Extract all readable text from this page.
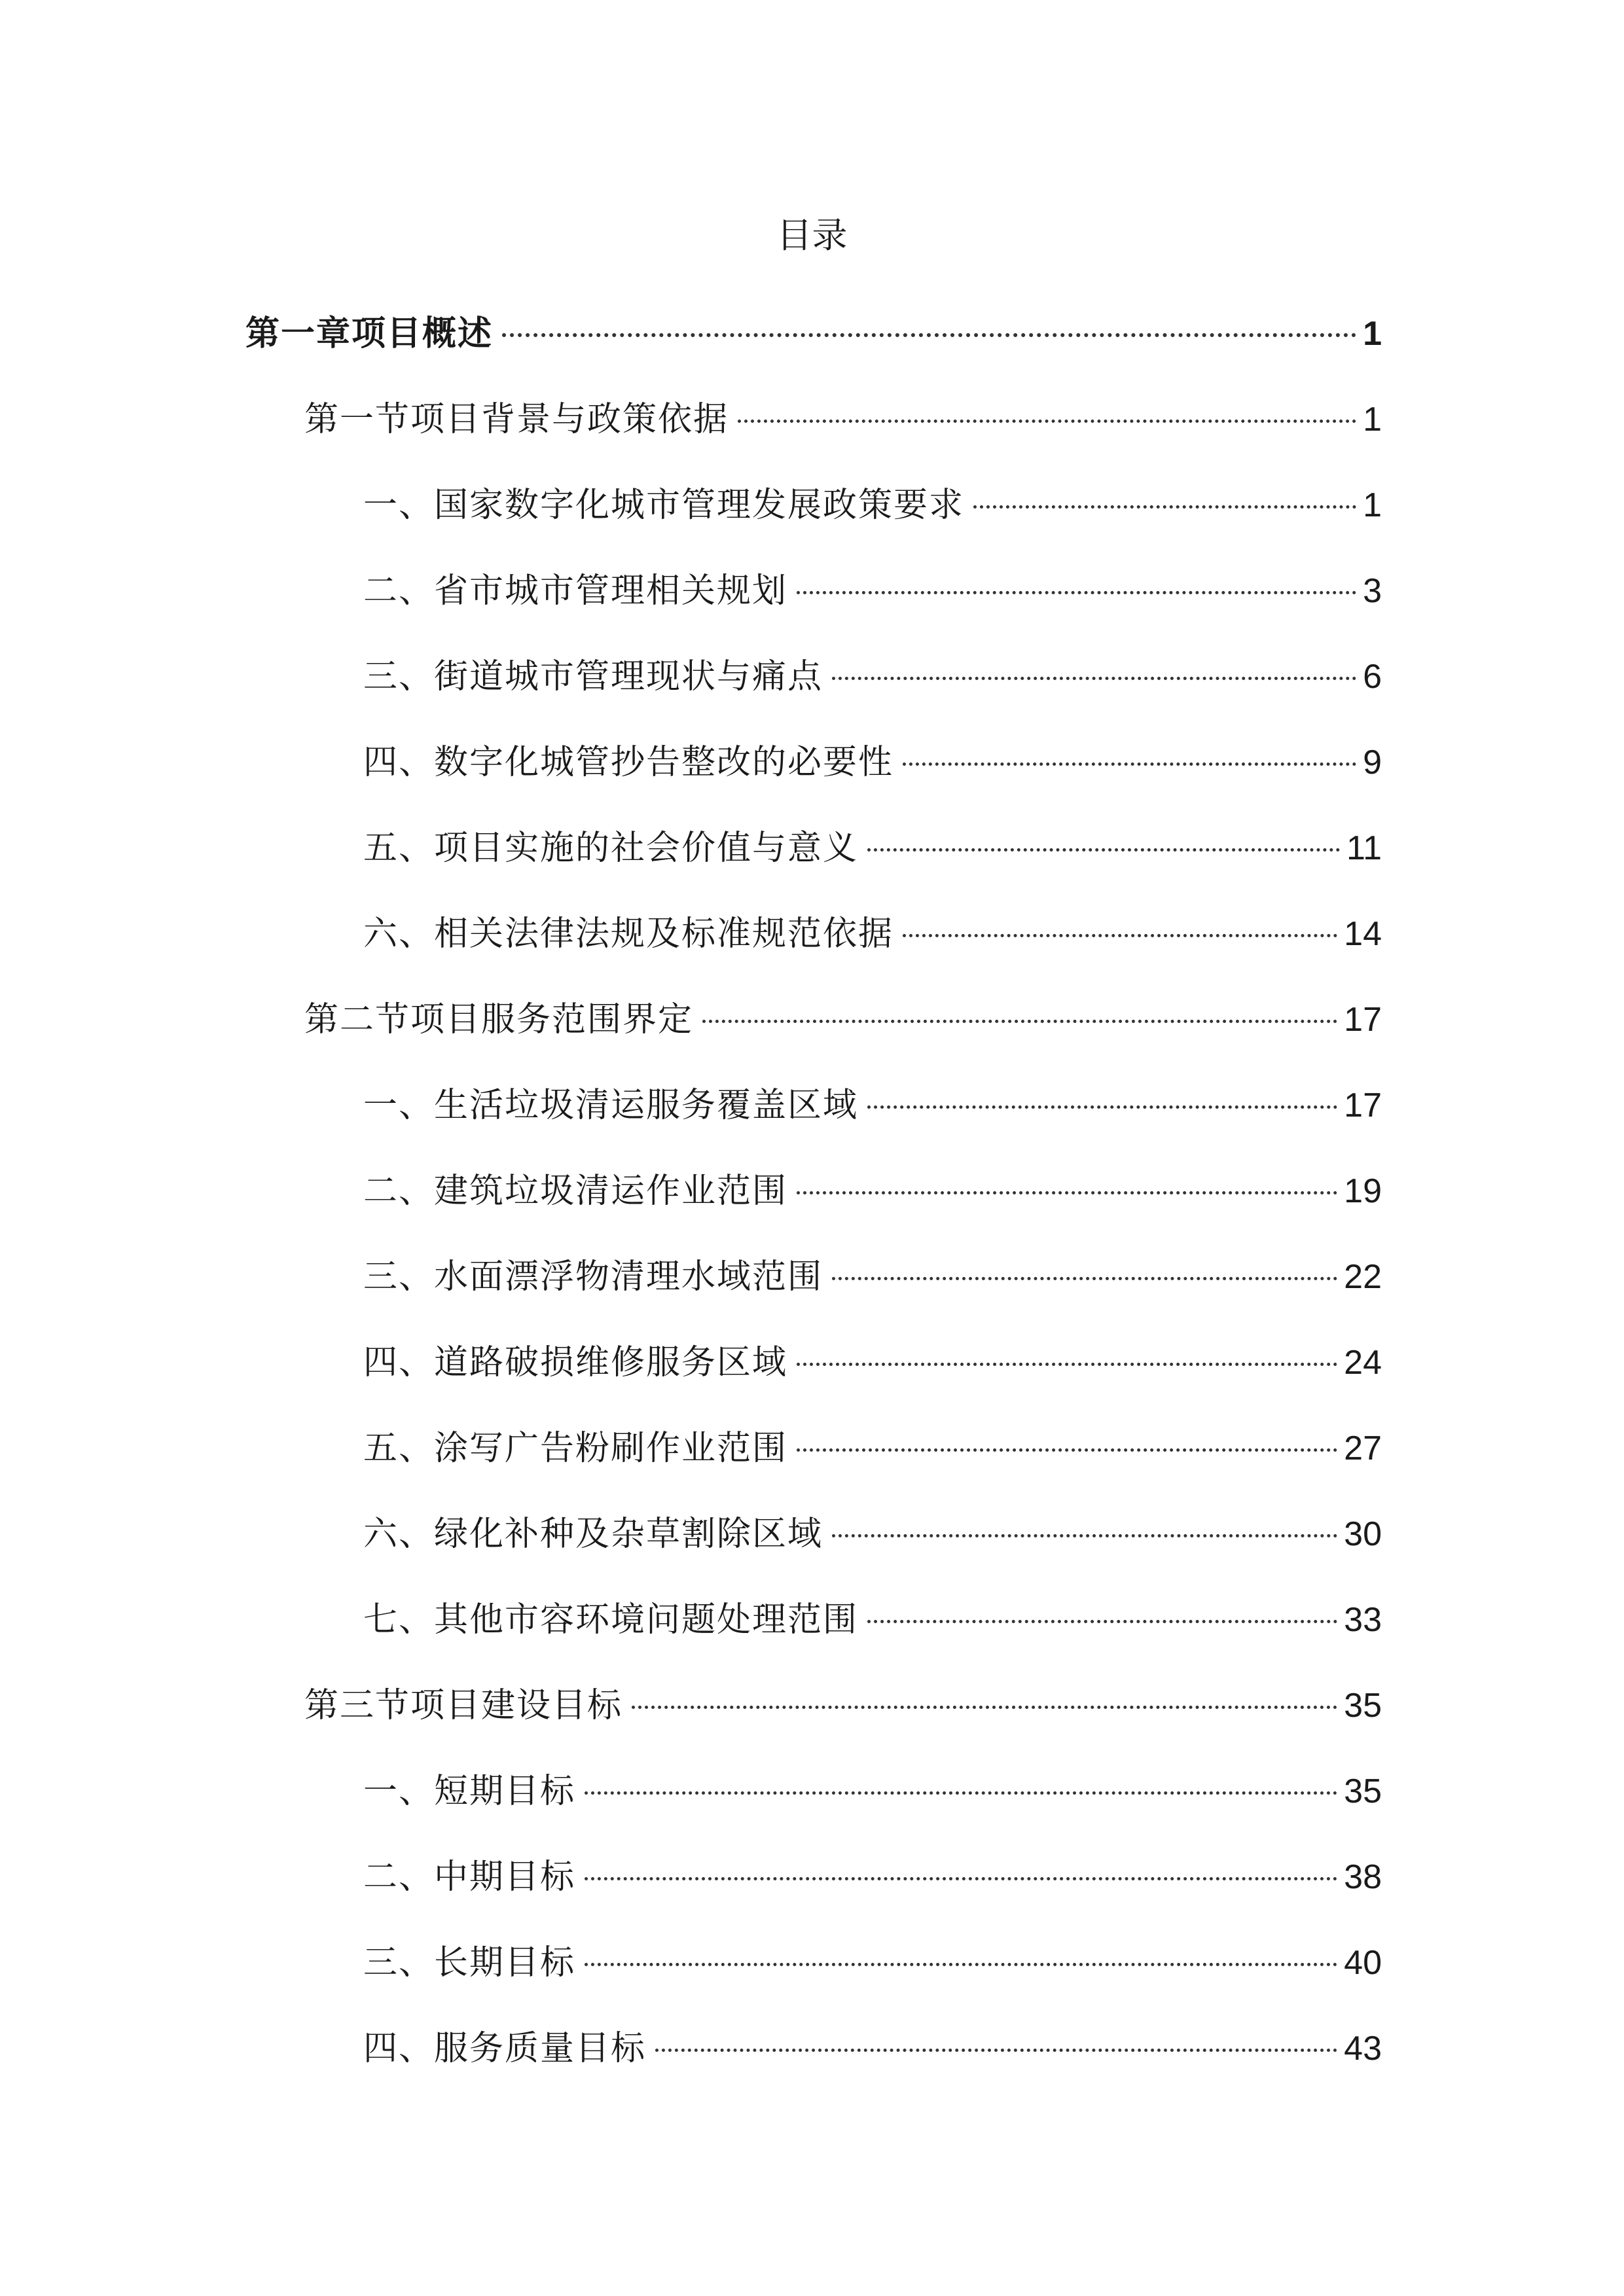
目录
第一章项目概述	1
第一节项目背景与政策依据	1
一、国家数字化城市管理发展政策要求	1
二、省市城市管理相关规划	3
三、街道城市管理现状与痛点	6
四、数字化城管抄告整改的必要性	9
五、项目实施的社会价值与意义	11
六、相关法律法规及标准规范依据	14
第二节项目服务范围界定	17
一、生活垃圾清运服务覆盖区域	17
二、建筑垃圾清运作业范围	19
三、水面漂浮物清理水域范围	22
四、道路破损维修服务区域	24
五、涂写广告粉刷作业范围	27
六、绿化补种及杂草割除区域	30
七、其他市容环境问题处理范围	33
第三节项目建设目标	35
一、短期目标	35
二、中期目标	38
三、长期目标	40
四、服务质量目标	43
